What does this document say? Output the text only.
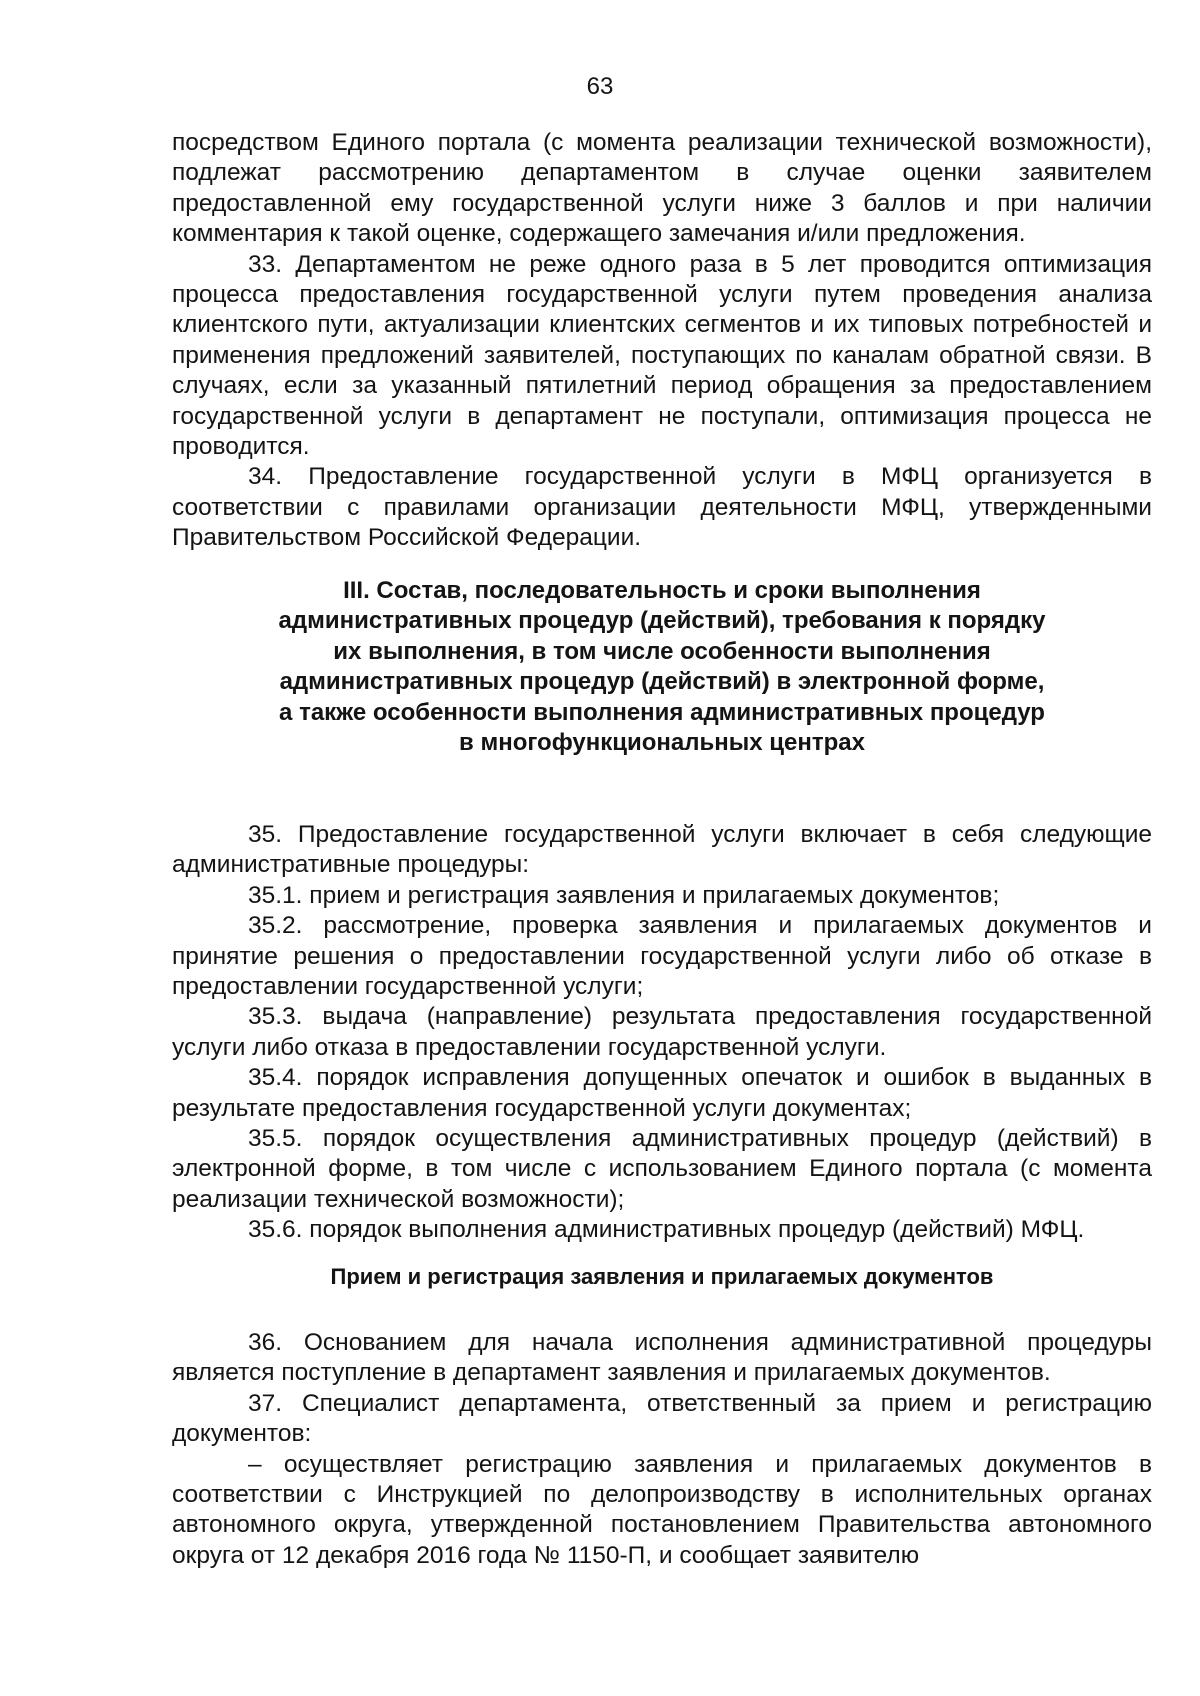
63

посредством Единого портала (с момента реализации технической возможности), подлежат рассмотрению департаментом в случае оценки заявителем предоставленной ему государственной услуги ниже 3 баллов и при наличии комментария к такой оценке, содержащего замечания и/или предложения.

33. Департаментом не реже одного раза в 5 лет проводится оптимизация процесса предоставления государственной услуги путем проведения анализа клиентского пути, актуализации клиентских сегментов и их типовых потребностей и применения предложений заявителей, поступающих по каналам обратной связи. В случаях, если за указанный пятилетний период обращения за предоставлением государственной услуги в департамент не поступали, оптимизация процесса не проводится.

34. Предоставление государственной услуги в МФЦ организуется в соответствии с правилами организации деятельности МФЦ, утвержденными Правительством Российской Федерации.

III. Состав, последовательность и сроки выполнения
административных процедур (действий), требования к порядку
их выполнения, в том числе особенности выполнения
административных процедур (действий) в электронной форме,
а также особенности выполнения административных процедур
в многофункциональных центрах

35. Предоставление государственной услуги включает в себя следующие административные процедуры:

35.1. прием и регистрация заявления и прилагаемых документов;

35.2. рассмотрение, проверка заявления и прилагаемых документов и принятие решения о предоставлении государственной услуги либо об отказе в предоставлении государственной услуги;

35.3. выдача (направление) результата предоставления государственной услуги либо отказа в предоставлении государственной услуги.

35.4. порядок исправления допущенных опечаток и ошибок в выданных в результате предоставления государственной услуги документах;

35.5. порядок осуществления административных процедур (действий) в электронной форме, в том числе с использованием Единого портала (с момента реализации технической возможности);

35.6. порядок выполнения административных процедур (действий) МФЦ.

Прием и регистрация заявления и прилагаемых документов

36. Основанием для начала исполнения административной процедуры является поступление в департамент заявления и прилагаемых документов.

37. Специалист департамента, ответственный за прием и регистрацию документов:

– осуществляет регистрацию заявления и прилагаемых документов в соответствии с Инструкцией по делопроизводству в исполнительных органах автономного округа, утвержденной постановлением Правительства автономного округа от 12 декабря 2016 года № 1150-П, и сообщает заявителю
